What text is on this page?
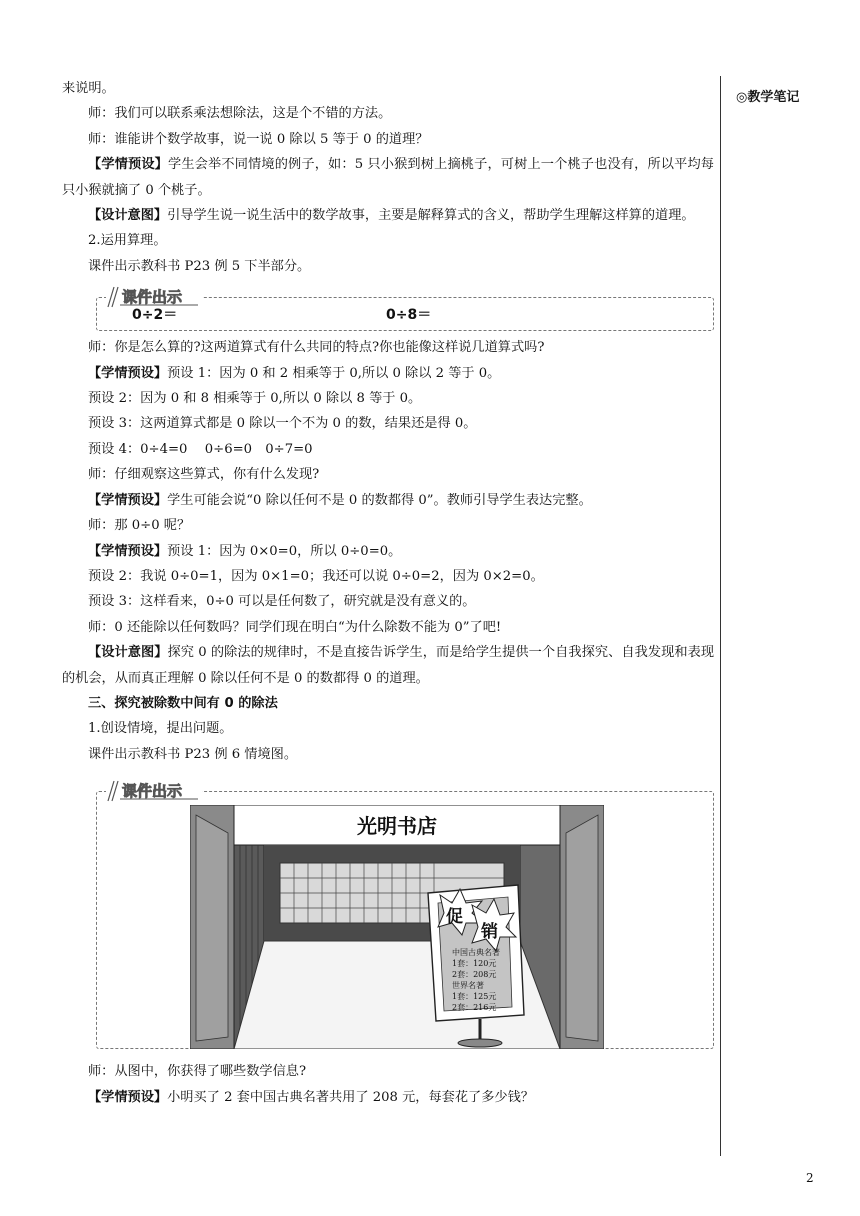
◎教学笔记

来说明。

师：我们可以联系乘法想除法，这是个不错的方法。

师：谁能讲个数学故事，说一说 0 除以 5 等于 0 的道理？

【学情预设】学生会举不同情境的例子，如：5 只小猴到树上摘桃子，可树上一个桃子也没有，所以平均每只小猴就摘了 0 个桃子。

【设计意图】引导学生说一说生活中的数学故事，主要是解释算式的含义，帮助学生理解这样算的道理。

2.运用算理。

课件出示教科书 P23 例 5 下半部分。

课件出示
0÷2＝	0÷8＝

师：你是怎么算的?这两道算式有什么共同的特点?你也能像这样说几道算式吗?

【学情预设】预设 1：因为 0 和 2 相乘等于 0,所以 0 除以 2 等于 0。

预设 2：因为 0 和 8 相乘等于 0,所以 0 除以 8 等于 0。

预设 3：这两道算式都是 0 除以一个不为 0 的数，结果还是得 0。

预设 4：0÷4=0　 0÷6=0　0÷7=0

师：仔细观察这些算式，你有什么发现?

【学情预设】学生可能会说“0 除以任何不是 0 的数都得 0”。教师引导学生表达完整。

师：那 0÷0 呢？

【学情预设】预设 1：因为 0×0=0，所以 0÷0=0。

预设 2：我说 0÷0=1，因为 0×1=0；我还可以说 0÷0=2，因为 0×2=0。

预设 3：这样看来，0÷0 可以是任何数了，研究就是没有意义的。

师：0 还能除以任何数吗？同学们现在明白“为什么除数不能为 0”了吧!

【设计意图】探究 0 的除法的规律时，不是直接告诉学生，而是给学生提供一个自我探究、自我发现和表现的机会，从而真正理解 0 除以任何不是 0 的数都得 0 的道理。

三、探究被除数中间有 0 的除法

1.创设情境，提出问题。

课件出示教科书 P23 例 6 情境图。

课件出示
光明书店
促
销
中国古典名著
1套：120元
2套：208元
世界名著
1套：125元
2套：216元

师：从图中，你获得了哪些数学信息?

【学情预设】小明买了 2 套中国古典名著共用了 208 元，每套花了多少钱？

2
